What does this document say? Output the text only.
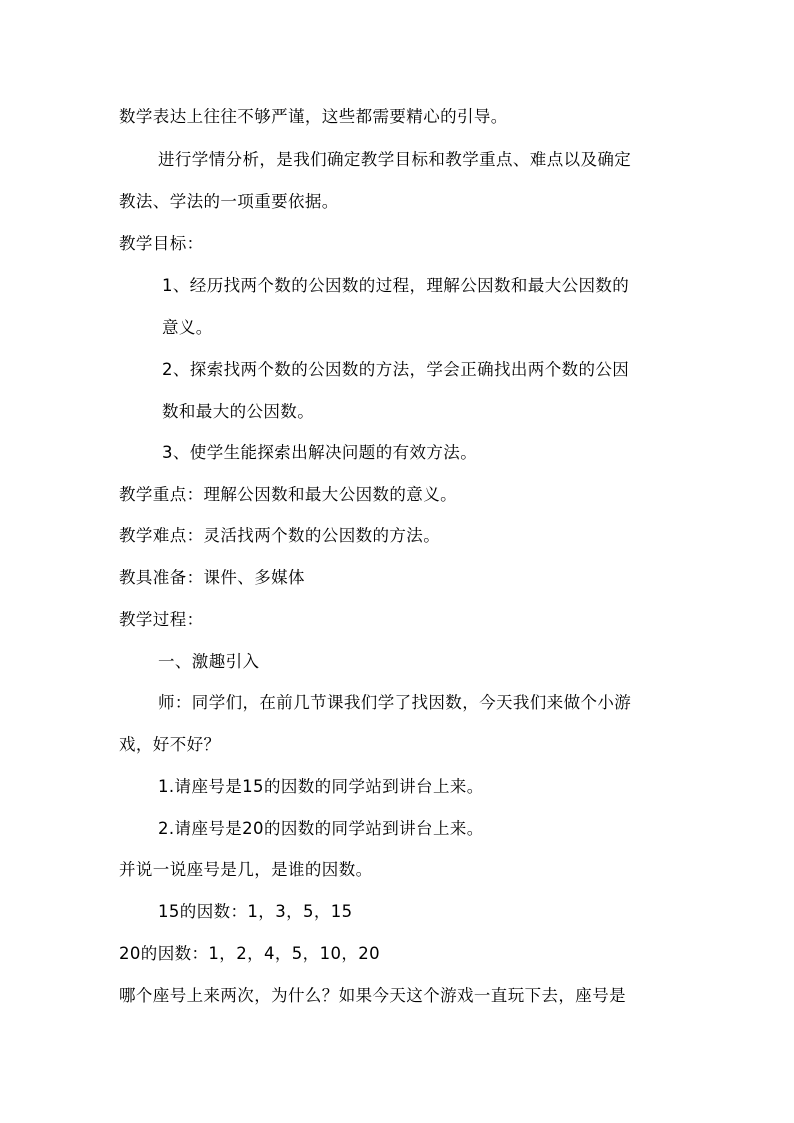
数学表达上往往不够严谨，这些都需要精心的引导。
进行学情分析，是我们确定教学目标和教学重点、难点以及确定
教法、学法的一项重要依据。
教学目标：
1、经历找两个数的公因数的过程，理解公因数和最大公因数的
意义。
2、探索找两个数的公因数的方法，学会正确找出两个数的公因
数和最大的公因数。
3、使学生能探索出解决问题的有效方法。
教学重点：理解公因数和最大公因数的意义。
教学难点：灵活找两个数的公因数的方法。
教具准备：课件、多媒体
教学过程：
一、激趣引入
师：同学们，在前几节课我们学了找因数，今天我们来做个小游
戏，好不好？
1.请座号是15的因数的同学站到讲台上来。
2.请座号是20的因数的同学站到讲台上来。
并说一说座号是几，是谁的因数。
15的因数：1，3，5，15
20的因数：1，2，4，5，10，20
哪个座号上来两次，为什么？如果今天这个游戏一直玩下去，座号是
